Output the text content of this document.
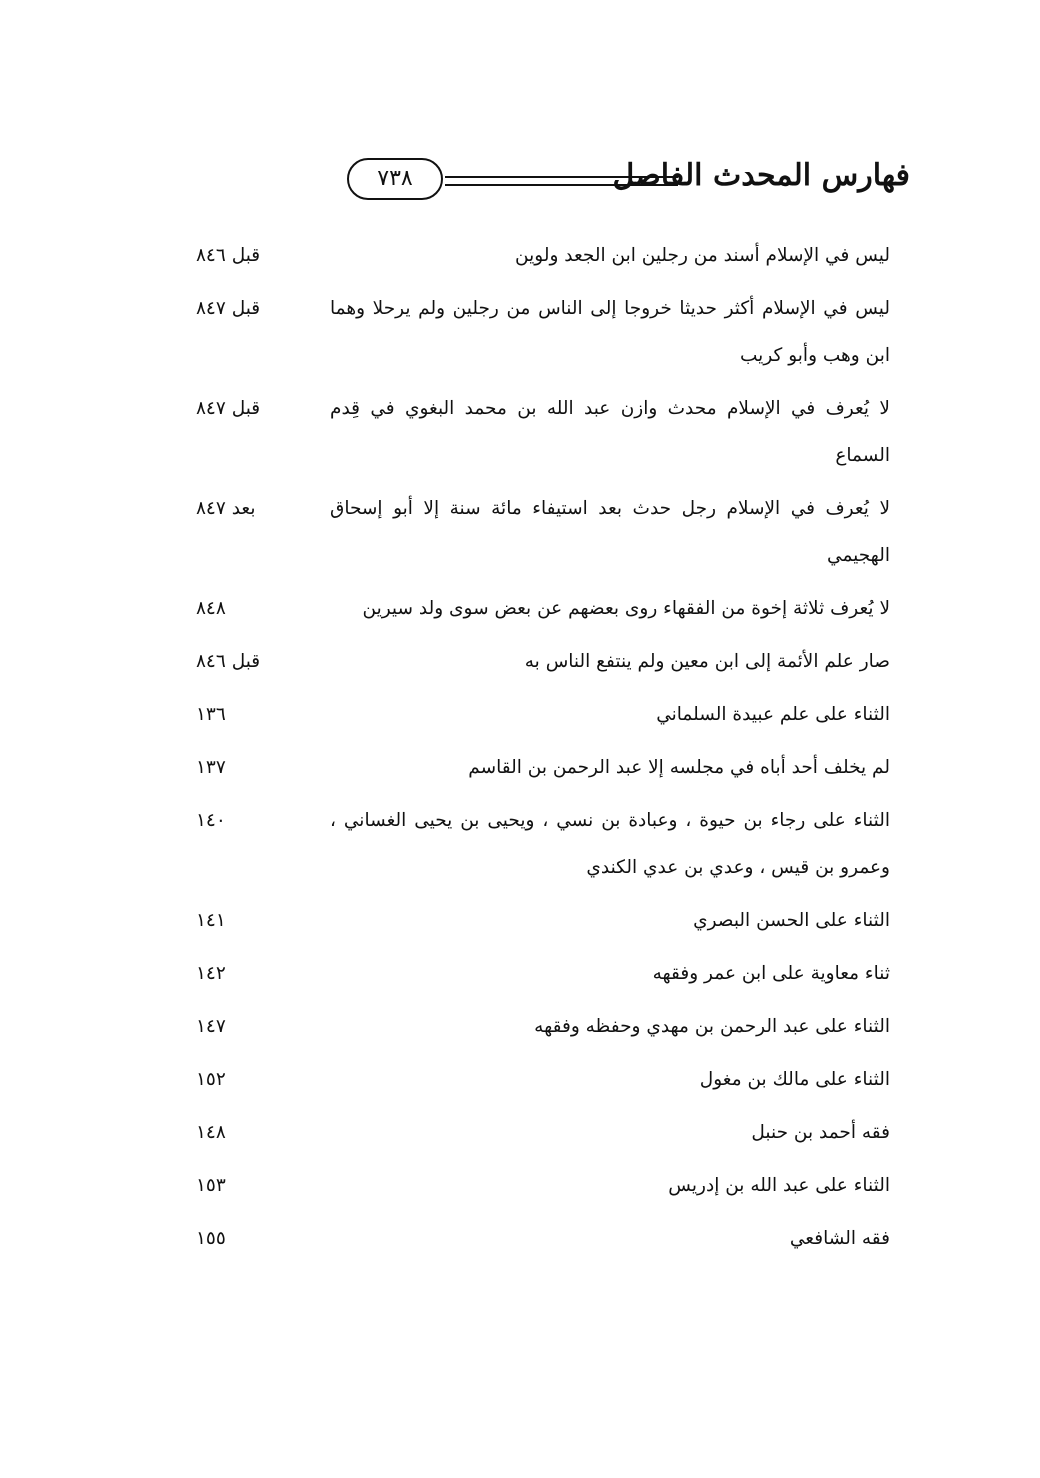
فهارس المحدث الفاصل
٧٣٨
ليس في الإسلام أسند من رجلين ابن الجعد ولوين
قبل ٨٤٦
ليس في الإسلام أكثر حديثا خروجا إلى الناس من رجلين ولم يرحلا وهما ابن وهب وأبو كريب
قبل ٨٤٧
لا يُعرف في الإسلام محدث وازن عبد الله بن محمد البغوي في قِدم السماع
قبل ٨٤٧
لا يُعرف في الإسلام رجل حدث بعد استيفاء مائة سنة إلا أبو إسحاق الهجيمي
بعد ٨٤٧
لا يُعرف ثلاثة إخوة من الفقهاء روى بعضهم عن بعض سوى ولد سيرين
٨٤٨
صار علم الأئمة إلى ابن معين ولم ينتفع الناس به
قبل ٨٤٦
الثناء على علم عبيدة السلماني
١٣٦
لم يخلف أحد أباه في مجلسه إلا عبد الرحمن بن القاسم
١٣٧
الثناء على رجاء بن حيوة ، وعبادة بن نسي ، ويحيى بن يحيى الغساني ، وعمرو بن قيس ، وعدي بن عدي الكندي
١٤٠
الثناء على الحسن البصري
١٤١
ثناء معاوية على ابن عمر وفقهه
١٤٢
الثناء على عبد الرحمن بن مهدي وحفظه وفقهه
١٤٧
الثناء على مالك بن مغول
١٥٢
فقه أحمد بن حنبل
١٤٨
الثناء على عبد الله بن إدريس
١٥٣
فقه الشافعي
١٥٥
